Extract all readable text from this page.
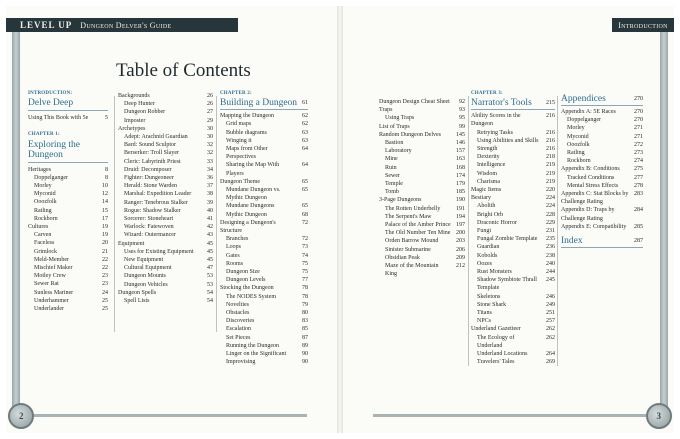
2
LEVEL UP Dungeon Delver's Guide
Table of Contents
INTRODUCTION:
Delve Deep
Using This Book with 5e	5
CHAPTER 1:
Exploring the Dungeon
Heritages	8
Doppelganger	8
Morley	10
Myconid	12
Ooozfolk	14
Ratling	15
Rockborn	17
Cultures	19
Carven	19
Faceless	20
Grimlock	21
Meld-Member	22
Mischief Maker	22
Motley Crew	23
Sewer Rat	23
Sunless Mariner	24
Underhammer	25
Underlander	25
Backgrounds	26
Deep Hunter	26
Dungeon Robber	27
Imposter	29
Archetypes	30
Adept: Arachnid Guardian	30
Bard: Sound Sculptor	32
Berserker: Troll Slayer	32
Cleric: Labyrinth Priest	33
Druid: Decomposer	34
Fighter: Dungeoneer	36
Herald: Stone Warden	37
Marshal: Expedition Leader	38
Ranger: Tenebrous Stalker	39
Rogue: Shadow Stalker	40
Sorcerer: Stoneheart	41
Warlock: Fatewoven	42
Wizard: Outermancer	43
Equipment	45
Uses for Existing Equipment	45
New Equipment	45
Cultural Equipment	47
Dungeon Mounts	53
Dungeon Vehicles	53
Dungeon Spells	54
Spell Lists	54
CHAPTER 2:
Building a Dungeon 61
Mapping the Dungeon	62
Grid maps	62
Bubble diagrams	63
Winging it	63
Maps from Other Perspectives
64
Sharing the Map With Players
64
Dungeon Theme	65
Mundane Dungeon vs. Mythic Dungeon
65
Mundane Dungeons	65
Mythic Dungeon	68
Designing a Dungeon's Structure
72
Branches	72
Loops	73
Gates	74
Rooms	75
Dungeon Size	75
Dungeon Levels	77
Stocking the Dungeon	78
The NODES System	78
Novelties	79
Obstacles	80
Discoveries	83
Escalation	85
Set Pieces	87
Running the Dungeon	89
Linger on the Significant	90
Improvising	90
3
Introduction
Dungeon Design Cheat Sheet	92
Traps	93
Using Traps	95
List of Traps	99
Random Dungeon Delves	145
Bastion	146
Laboratory	157
Mine	163
Ruin	168
Sewer	174
Temple	179
Tomb	185
3-Page Dungeons	190
The Rotten Underbelly	191
The Serpent's Maw	194
Palace of the Amber Prince 197
The Old Number Ten Mine 200
Orden Barrow Mound	203
Sinister Submarine	206
Obsidian Peak	209
Maze of the Mountain King
212
CHAPTER 3:
Narrator's Tools 215
Ability Scores in the Dungeon
216
Retrying Tasks	216
Using Abilities and Skills	216
Strength	216
Dexterity	218
Intelligence	219
Wisdom	219
Charisma	219
Magic Items	220
Bestiary	224
Abolith	224
Bright Orb	228
Draconic Horror	229
Fungi	231
Fungal Zombie Template	235
Guardian	236
Kobolds	238
Oozes	240
Rust Monsters	244
Shadow Symbiote Thrall Template
245
Skeletons	246
Stone Shark	249
Titans	251
NPCs	257
Underland Gazetteer	262
The Ecology of Underland
262
Underland Locations	264
Travelers' Tales	269
Appendices	270
Appendix A: 5E Races	270
Doppelganger	270
Morley	271
Myconid	271
Ooozfolk	272
Ratling	273
Rockborn	274
Appendix B: Conditions	275
Tracked Conditions	277
Mental Stress Effects	278
Appendix C: Stat Blocks by Challenge Rating
283
Appendix D: Traps by Challenge Rating
284
Appendix E: Compatibility	285
Index	287
